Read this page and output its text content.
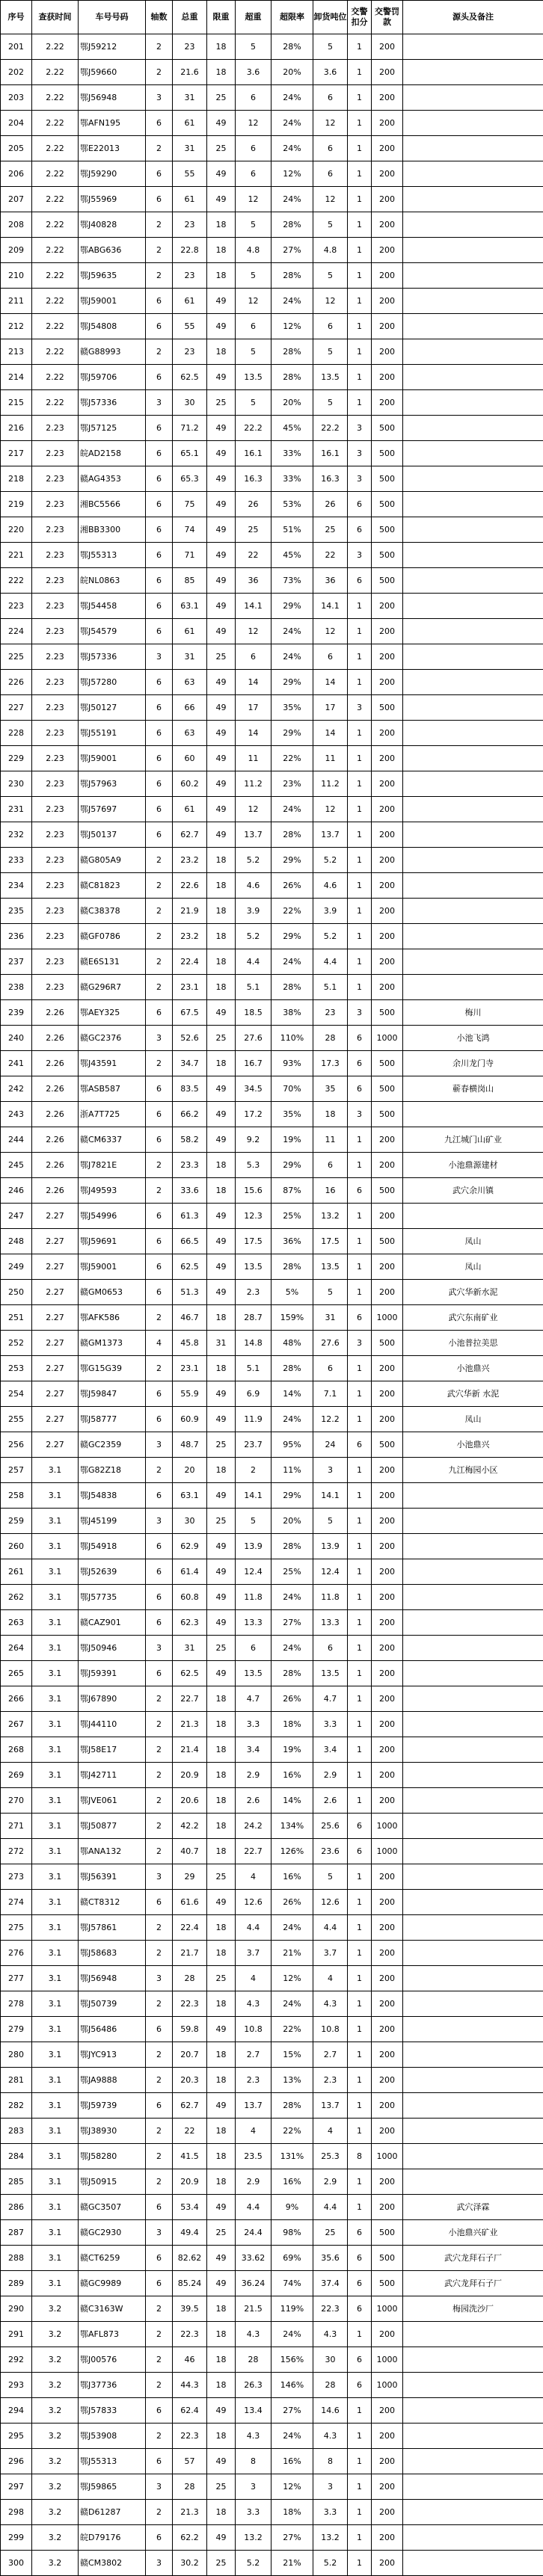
序号	查获时间	车号号码	轴数	总重	限重	超重	超限率	卸货吨位	交警扣分	交警罚款	源头及备注
201	2.22	鄂J59212	2	23	18	5	28%	5	1	200	
202	2.22	鄂J59660	2	21.6	18	3.6	20%	3.6	1	200	
203	2.22	鄂J56948	3	31	25	6	24%	6	1	200	
204	2.22	鄂AFN195	6	61	49	12	24%	12	1	200	
205	2.22	鄂E22013	2	31	25	6	24%	6	1	200	
206	2.22	鄂J59290	6	55	49	6	12%	6	1	200	
207	2.22	鄂J55969	6	61	49	12	24%	12	1	200	
208	2.22	鄂J40828	2	23	18	5	28%	5	1	200	
209	2.22	鄂ABG636	2	22.8	18	4.8	27%	4.8	1	200	
210	2.22	鄂J59635	2	23	18	5	28%	5	1	200	
211	2.22	鄂J59001	6	61	49	12	24%	12	1	200	
212	2.22	鄂J54808	6	55	49	6	12%	6	1	200	
213	2.22	赣G88993	2	23	18	5	28%	5	1	200	
214	2.22	鄂J59706	6	62.5	49	13.5	28%	13.5	1	200	
215	2.22	鄂J57336	3	30	25	5	20%	5	1	200	
216	2.23	鄂J57125	6	71.2	49	22.2	45%	22.2	3	500	
217	2.23	皖AD2158	6	65.1	49	16.1	33%	16.1	3	500	
218	2.23	赣AG4353	6	65.3	49	16.3	33%	16.3	3	500	
219	2.23	湘BC5566	6	75	49	26	53%	26	6	500	
220	2.23	湘BB3300	6	74	49	25	51%	25	6	500	
221	2.23	鄂J55313	6	71	49	22	45%	22	3	500	
222	2.23	皖NL0863	6	85	49	36	73%	36	6	500	
223	2.23	鄂J54458	6	63.1	49	14.1	29%	14.1	1	200	
224	2.23	鄂J54579	6	61	49	12	24%	12	1	200	
225	2.23	鄂J57336	3	31	25	6	24%	6	1	200	
226	2.23	鄂J57280	6	63	49	14	29%	14	1	200	
227	2.23	鄂J50127	6	66	49	17	35%	17	3	500	
228	2.23	鄂J55191	6	63	49	14	29%	14	1	200	
229	2.23	鄂J59001	6	60	49	11	22%	11	1	200	
230	2.23	鄂J57963	6	60.2	49	11.2	23%	11.2	1	200	
231	2.23	鄂J57697	6	61	49	12	24%	12	1	200	
232	2.23	鄂J50137	6	62.7	49	13.7	28%	13.7	1	200	
233	2.23	赣G805A9	2	23.2	18	5.2	29%	5.2	1	200	
234	2.23	赣C81823	2	22.6	18	4.6	26%	4.6	1	200	
235	2.23	赣C38378	2	21.9	18	3.9	22%	3.9	1	200	
236	2.23	赣GF0786	2	23.2	18	5.2	29%	5.2	1	200	
237	2.23	赣E6S131	2	22.4	18	4.4	24%	4.4	1	200	
238	2.23	赣G296R7	2	23.1	18	5.1	28%	5.1	1	200	
239	2.26	鄂AEY325	6	67.5	49	18.5	38%	23	3	500	梅川
240	2.26	赣GC2376	3	52.6	25	27.6	110%	28	6	1000	小池飞鸿
241	2.26	鄂J43591	2	34.7	18	16.7	93%	17.3	6	500	余川龙门寺
242	2.26	鄂ASB587	6	83.5	49	34.5	70%	35	6	500	蕲春横岗山
243	2.26	浙A7T725	6	66.2	49	17.2	35%	18	3	500	
244	2.26	赣CM6337	6	58.2	49	9.2	19%	11	1	200	九江城门山矿业
245	2.26	鄂J7821E	2	23.3	18	5.3	29%	6	1	200	小池鼎源建材
246	2.26	鄂J49593	2	33.6	18	15.6	87%	16	6	500	武穴余川镇
247	2.27	鄂J54996	6	61.3	49	12.3	25%	13.2	1	200	
248	2.27	鄂J59691	6	66.5	49	17.5	36%	17.5	1	500	凤山
249	2.27	鄂J59001	6	62.5	49	13.5	28%	13.5	1	200	凤山
250	2.27	赣GM0653	6	51.3	49	2.3	5%	5	1	200	武穴华新水泥
251	2.27	鄂AFK586	2	46.7	18	28.7	159%	31	6	1000	武穴东南矿业
252	2.27	赣GM1373	4	45.8	31	14.8	48%	27.6	3	500	小池普拉美思
253	2.27	鄂G15G39	2	23.1	18	5.1	28%	6	1	200	小池鼎兴
254	2.27	鄂J59847	6	55.9	49	6.9	14%	7.1	1	200	武穴华新 水泥
255	2.27	鄂J58777	6	60.9	49	11.9	24%	12.2	1	200	凤山
256	2.27	赣GC2359	3	48.7	25	23.7	95%	24	6	500	小池鼎兴
257	3.1	鄂G82Z18	2	20	18	2	11%	3	1	200	九江梅园小区
258	3.1	鄂J54838	6	63.1	49	14.1	29%	14.1	1	200	
259	3.1	鄂J45199	3	30	25	5	20%	5	1	200	
260	3.1	鄂J54918	6	62.9	49	13.9	28%	13.9	1	200	
261	3.1	鄂J52639	6	61.4	49	12.4	25%	12.4	1	200	
262	3.1	鄂J57735	6	60.8	49	11.8	24%	11.8	1	200	
263	3.1	赣CAZ901	6	62.3	49	13.3	27%	13.3	1	200	
264	3.1	鄂J50946	3	31	25	6	24%	6	1	200	
265	3.1	鄂J59391	6	62.5	49	13.5	28%	13.5	1	200	
266	3.1	鄂J67890	2	22.7	18	4.7	26%	4.7	1	200	
267	3.1	鄂J44110	2	21.3	18	3.3	18%	3.3	1	200	
268	3.1	鄂J58E17	2	21.4	18	3.4	19%	3.4	1	200	
269	3.1	鄂J42711	2	20.9	18	2.9	16%	2.9	1	200	
270	3.1	鄂JVE061	2	20.6	18	2.6	14%	2.6	1	200	
271	3.1	鄂J50877	2	42.2	18	24.2	134%	25.6	6	1000	
272	3.1	鄂ANA132	2	40.7	18	22.7	126%	23.6	6	1000	
273	3.1	鄂J56391	3	29	25	4	16%	5	1	200	
274	3.1	赣CT8312	6	61.6	49	12.6	26%	12.6	1	200	
275	3.1	鄂J57861	2	22.4	18	4.4	24%	4.4	1	200	
276	3.1	鄂J58683	2	21.7	18	3.7	21%	3.7	1	200	
277	3.1	鄂J56948	3	28	25	4	12%	4	1	200	
278	3.1	鄂J50739	2	22.3	18	4.3	24%	4.3	1	200	
279	3.1	鄂J56486	6	59.8	49	10.8	22%	10.8	1	200	
280	3.1	鄂JYC913	2	20.7	18	2.7	15%	2.7	1	200	
281	3.1	鄂JA9888	2	20.3	18	2.3	13%	2.3	1	200	
282	3.1	鄂J59739	6	62.7	49	13.7	28%	13.7	1	200	
283	3.1	鄂J38930	2	22	18	4	22%	4	1	200	
284	3.1	鄂J58280	2	41.5	18	23.5	131%	25.3	8	1000	
285	3.1	鄂J50915	2	20.9	18	2.9	16%	2.9	1	200	
286	3.1	赣GC3507	6	53.4	49	4.4	9%	4.4	1	200	武穴泽霖
287	3.1	赣GC2930	3	49.4	25	24.4	98%	25	6	500	小池鼎兴矿业
288	3.1	赣CT6259	6	82.62	49	33.62	69%	35.6	6	500	武穴龙拜石子厂
289	3.1	赣GC9989	6	85.24	49	36.24	74%	37.4	6	500	武穴龙拜石子厂
290	3.2	赣C3163W	2	39.5	18	21.5	119%	22.3	6	1000	梅园洗沙厂
291	3.2	鄂AFL873	2	22.3	18	4.3	24%	4.3	1	200	
292	3.2	鄂J00576	2	46	18	28	156%	30	6	1000	
293	3.2	鄂J37736	2	44.3	18	26.3	146%	28	6	1000	
294	3.2	鄂J57833	6	62.4	49	13.4	27%	14.6	1	200	
295	3.2	鄂J53908	2	22.3	18	4.3	24%	4.3	1	200	
296	3.2	鄂J55313	6	57	49	8	16%	8	1	200	
297	3.2	鄂J59865	3	28	25	3	12%	3	1	200	
298	3.2	赣D61287	2	21.3	18	3.3	18%	3.3	1	200	
299	3.2	皖D79176	6	62.2	49	13.2	27%	13.2	1	200	
300	3.2	赣CM3802	3	30.2	25	5.2	21%	5.2	1	200	
